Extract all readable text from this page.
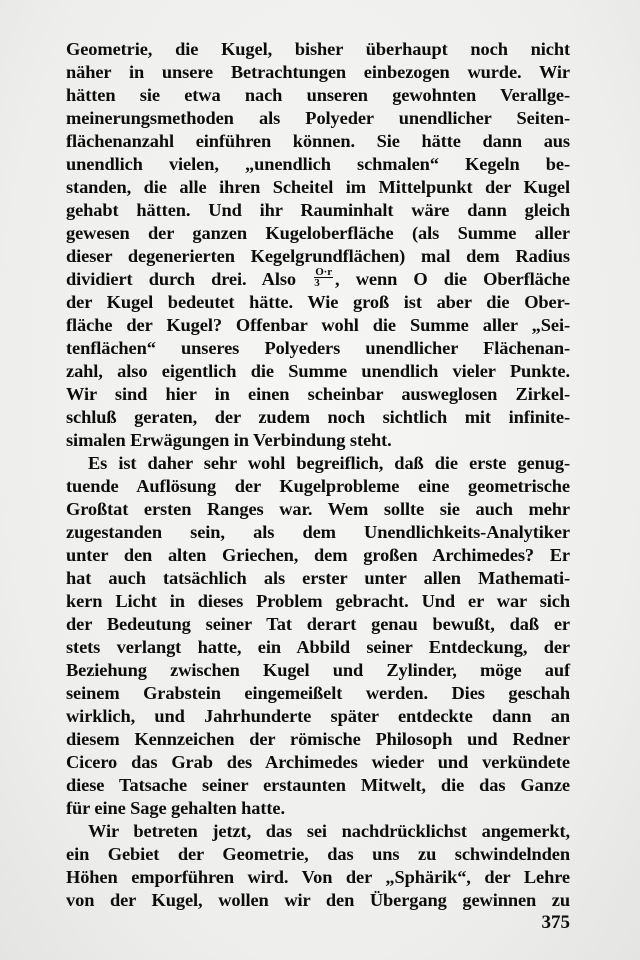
Geometrie, die Kugel, bisher überhaupt noch nicht
näher in unsere Betrachtungen einbezogen wurde. Wir
hätten sie etwa nach unseren gewohnten Verallge-
meinerungsmethoden als Polyeder unendlicher Seiten-
flächenanzahl einführen können. Sie hätte dann aus
unendlich vielen, „unendlich schmalen“ Kegeln be-
standen, die alle ihren Scheitel im Mittelpunkt der Kugel
gehabt hätten. Und ihr Rauminhalt wäre dann gleich
gewesen der ganzen Kugeloberfläche (als Summe aller
dieser degenerierten Kegelgrundflächen) mal dem Radius
dividiert durch drei. Also $\frac{O\cdot r}{3}$ , wenn O die Oberfläche
der Kugel bedeutet hätte. Wie groß ist aber die Ober-
fläche der Kugel? Offenbar wohl die Summe aller „Sei-
tenflächen“ unseres Polyeders unendlicher Flächenan-
zahl, also eigentlich die Summe unendlich vieler Punkte.
Wir sind hier in einen scheinbar ausweglosen Zirkel-
schluß geraten, der zudem noch sichtlich mit infinite-
simalen Erwägungen in Verbindung steht.
Es ist daher sehr wohl begreiflich, daß die erste genug-
tuende Auflösung der Kugelprobleme eine geometrische
Großtat ersten Ranges war. Wem sollte sie auch mehr
zugestanden sein, als dem Unendlichkeits-Analytiker
unter den alten Griechen, dem großen Archimedes? Er
hat auch tatsächlich als erster unter allen Mathemati-
kern Licht in dieses Problem gebracht. Und er war sich
der Bedeutung seiner Tat derart genau bewußt, daß er
stets verlangt hatte, ein Abbild seiner Entdeckung, der
Beziehung zwischen Kugel und Zylinder, möge auf
seinem Grabstein eingemeißelt werden. Dies geschah
wirklich, und Jahrhunderte später entdeckte dann an
diesem Kennzeichen der römische Philosoph und Redner
Cicero das Grab des Archimedes wieder und verkündete
diese Tatsache seiner erstaunten Mitwelt, die das Ganze
für eine Sage gehalten hatte.
Wir betreten jetzt, das sei nachdrücklichst angemerkt,
ein Gebiet der Geometrie, das uns zu schwindelnden
Höhen emporführen wird. Von der „Sphärik“, der Lehre
von der Kugel, wollen wir den Übergang gewinnen zu
375
